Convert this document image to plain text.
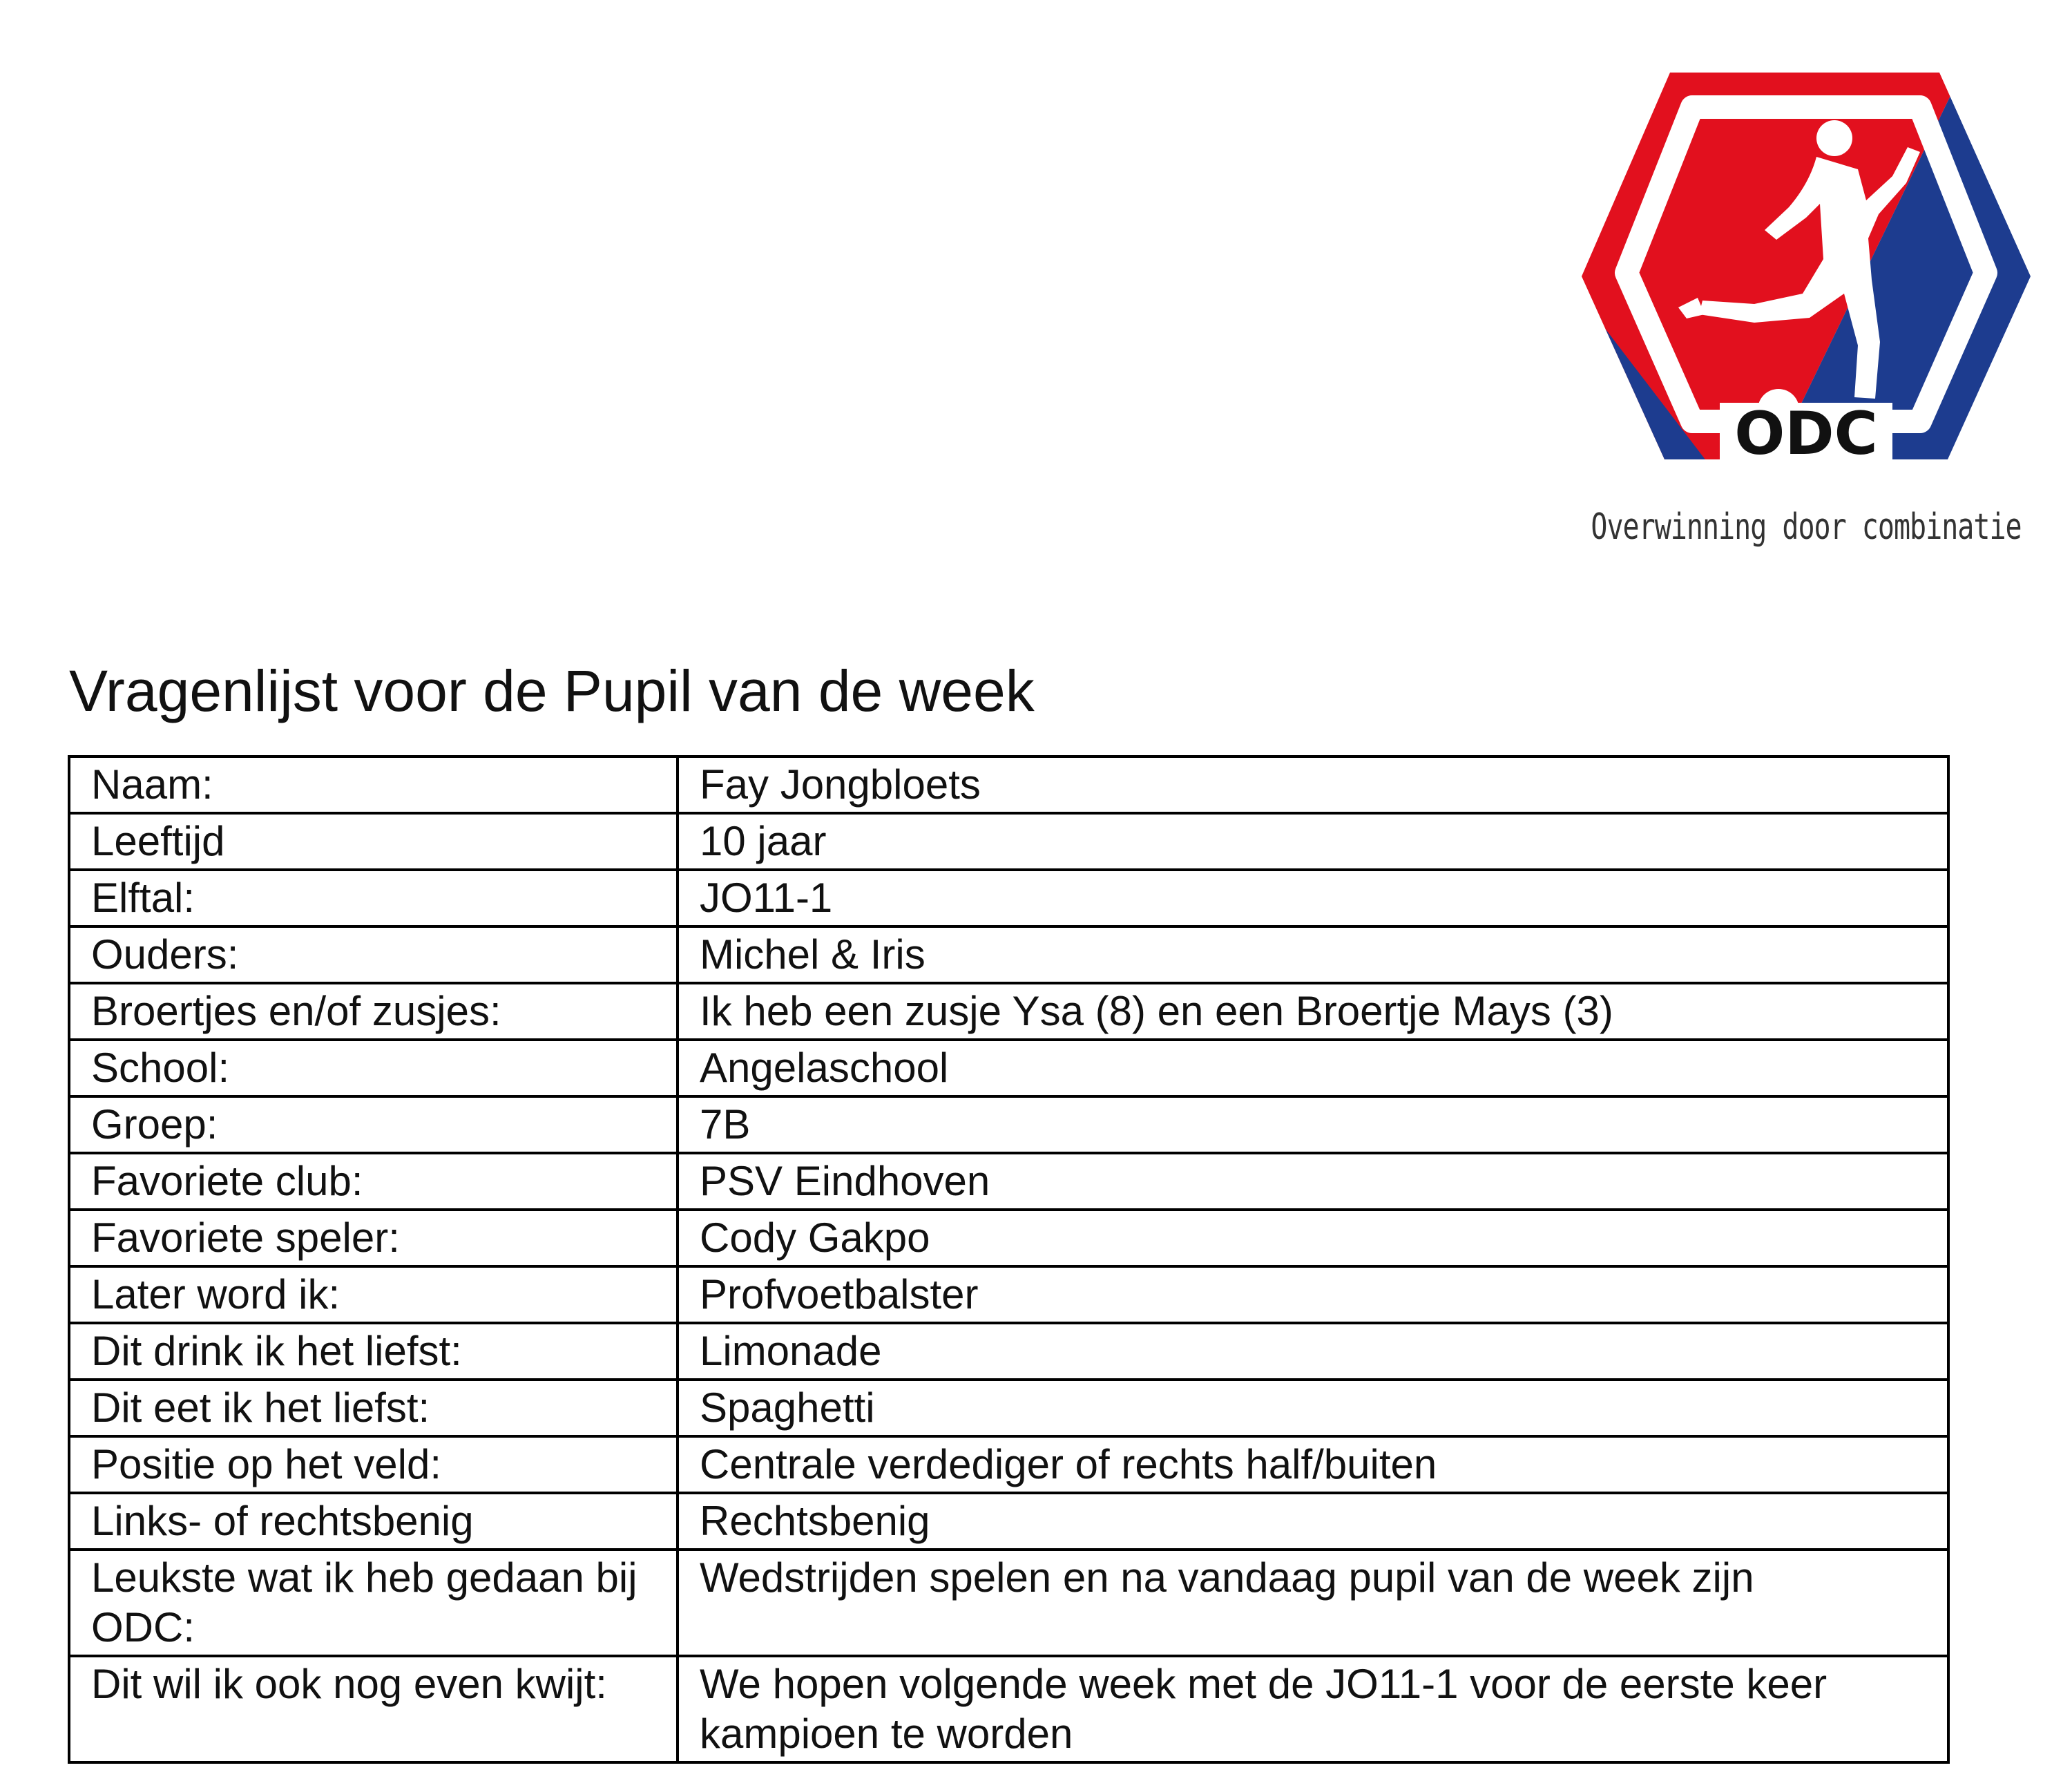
ODC
Overwinning door combinatie
Vragenlijst voor de Pupil van de week
Naam:	Fay Jongbloets
Leeftijd	10 jaar
Elftal:	JO11-1
Ouders:	Michel & Iris
Broertjes en/of zusjes:	Ik heb een zusje Ysa (8) en een Broertje Mays (3)
School:	Angelaschool
Groep:	7B
Favoriete club:	PSV Eindhoven
Favoriete speler:	Cody Gakpo
Later word ik:	Profvoetbalster
Dit drink ik het liefst:	Limonade
Dit eet ik het liefst:	Spaghetti
Positie op het veld:	Centrale verdediger of rechts half/buiten
Links- of rechtsbenig	Rechtsbenig
Leukste wat ik heb gedaan bij ODC:	Wedstrijden spelen en na vandaag pupil van de week zijn
Dit wil ik ook nog even kwijt:	We hopen volgende week met de JO11-1 voor de eerste keer kampioen te worden
